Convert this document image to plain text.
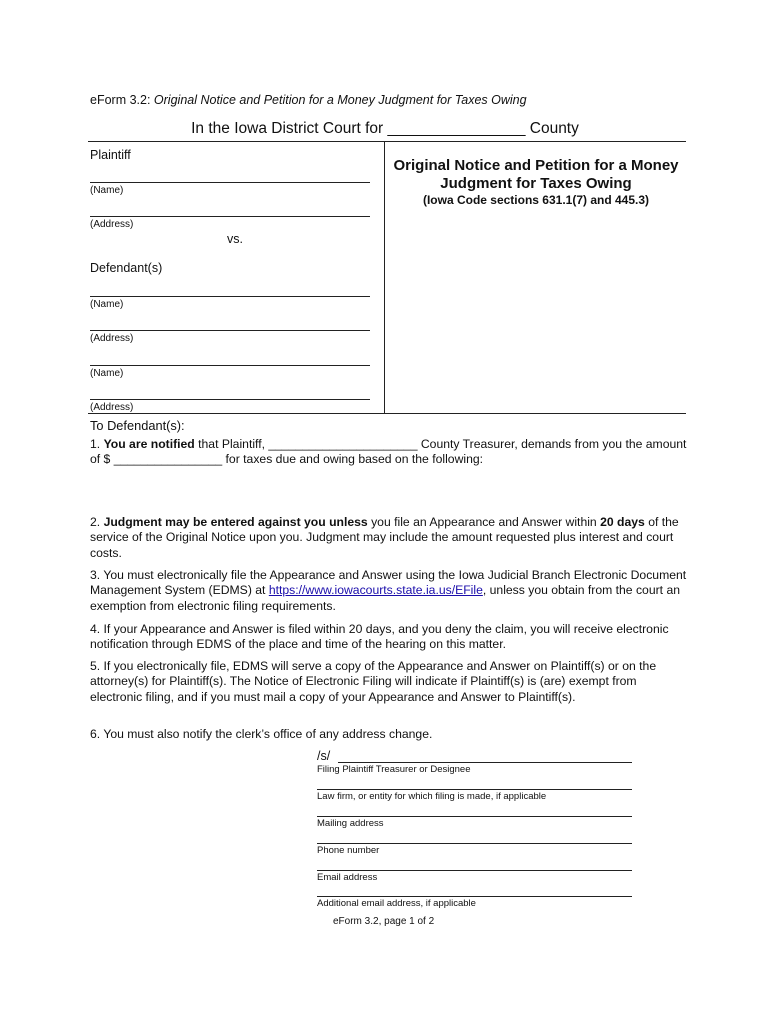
eForm 3.2: Original Notice and Petition for a Money Judgment for Taxes Owing
In the Iowa District Court for ________________ County
Plaintiff
(Name)
(Address)
vs.
Defendant(s)
(Name)
(Address)
(Name)
(Address)
Original Notice and Petition for a Money Judgment for Taxes Owing
(Iowa Code sections 631.1(7) and 445.3)
To Defendant(s):
1. You are notified that Plaintiff, ______________________ County Treasurer, demands from you the amount of $ ________________ for taxes due and owing based on the following:
2. Judgment may be entered against you unless you file an Appearance and Answer within 20 days of the service of the Original Notice upon you. Judgment may include the amount requested plus interest and court costs.
3. You must electronically file the Appearance and Answer using the Iowa Judicial Branch Electronic Document Management System (EDMS) at https://www.iowacourts.state.ia.us/EFile, unless you obtain from the court an exemption from electronic filing requirements.
4. If your Appearance and Answer is filed within 20 days, and you deny the claim, you will receive electronic notification through EDMS of the place and time of the hearing on this matter.
5. If you electronically file, EDMS will serve a copy of the Appearance and Answer on Plaintiff(s) or on the attorney(s) for Plaintiff(s). The Notice of Electronic Filing will indicate if Plaintiff(s) is (are) exempt from electronic filing, and if you must mail a copy of your Appearance and Answer to Plaintiff(s).
6. You must also notify the clerk’s office of any address change.
/s/
Filing Plaintiff Treasurer or Designee
Law firm, or entity for which filing is made, if applicable
Mailing address
Phone number
Email address
Additional email address, if applicable
eForm 3.2, page 1 of 2
